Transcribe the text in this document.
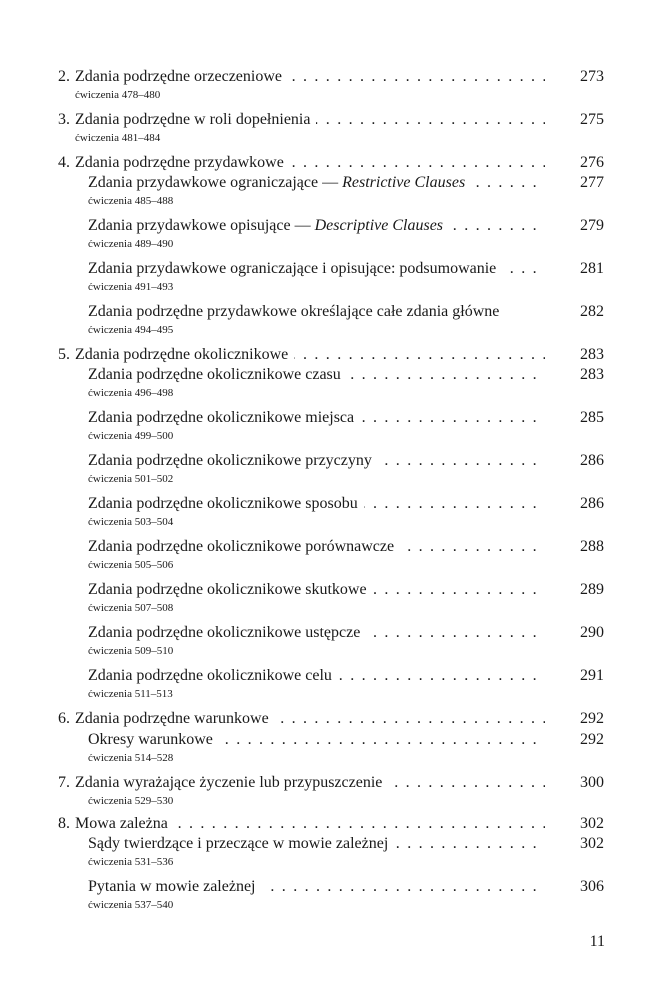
2. Zdania podrzędne orzeczeniowe . . .	273
ćwiczenia 478–480
3. Zdania podrzędne w roli dopełnienia . . .	275
ćwiczenia 481–484
4. Zdania podrzędne przydawkowe . . .	276
Zdania przydawkowe ograniczające — Restrictive Clauses . . .	277
ćwiczenia 485–488
Zdania przydawkowe opisujące — Descriptive Clauses . . .	279
ćwiczenia 489–490
Zdania przydawkowe ograniczające i opisujące: podsumowanie . . .	281
ćwiczenia 491–493
Zdania podrzędne przydawkowe określające całe zdania główne	282
ćwiczenia 494–495
5. Zdania podrzędne okolicznikowe . . .	283
Zdania podrzędne okolicznikowe czasu . . .	283
ćwiczenia 496–498
Zdania podrzędne okolicznikowe miejsca . . .	285
ćwiczenia 499–500
Zdania podrzędne okolicznikowe przyczyny . . .	286
ćwiczenia 501–502
Zdania podrzędne okolicznikowe sposobu . . .	286
ćwiczenia 503–504
Zdania podrzędne okolicznikowe porównawcze . . .	288
ćwiczenia 505–506
Zdania podrzędne okolicznikowe skutkowe . . .	289
ćwiczenia 507–508
Zdania podrzędne okolicznikowe ustępcze . . .	290
ćwiczenia 509–510
Zdania podrzędne okolicznikowe celu . . .	291
ćwiczenia 511–513
6. Zdania podrzędne warunkowe . . .	292
Okresy warunkowe . . .	292
ćwiczenia 514–528
7. Zdania wyrażające życzenie lub przypuszczenie . . .	300
ćwiczenia 529–530
8. Mowa zależna . . .	302
Sądy twierdzące i przeczące w mowie zależnej . . .	302
ćwiczenia 531–536
Pytania w mowie zależnej . . .	306
ćwiczenia 537–540
11
